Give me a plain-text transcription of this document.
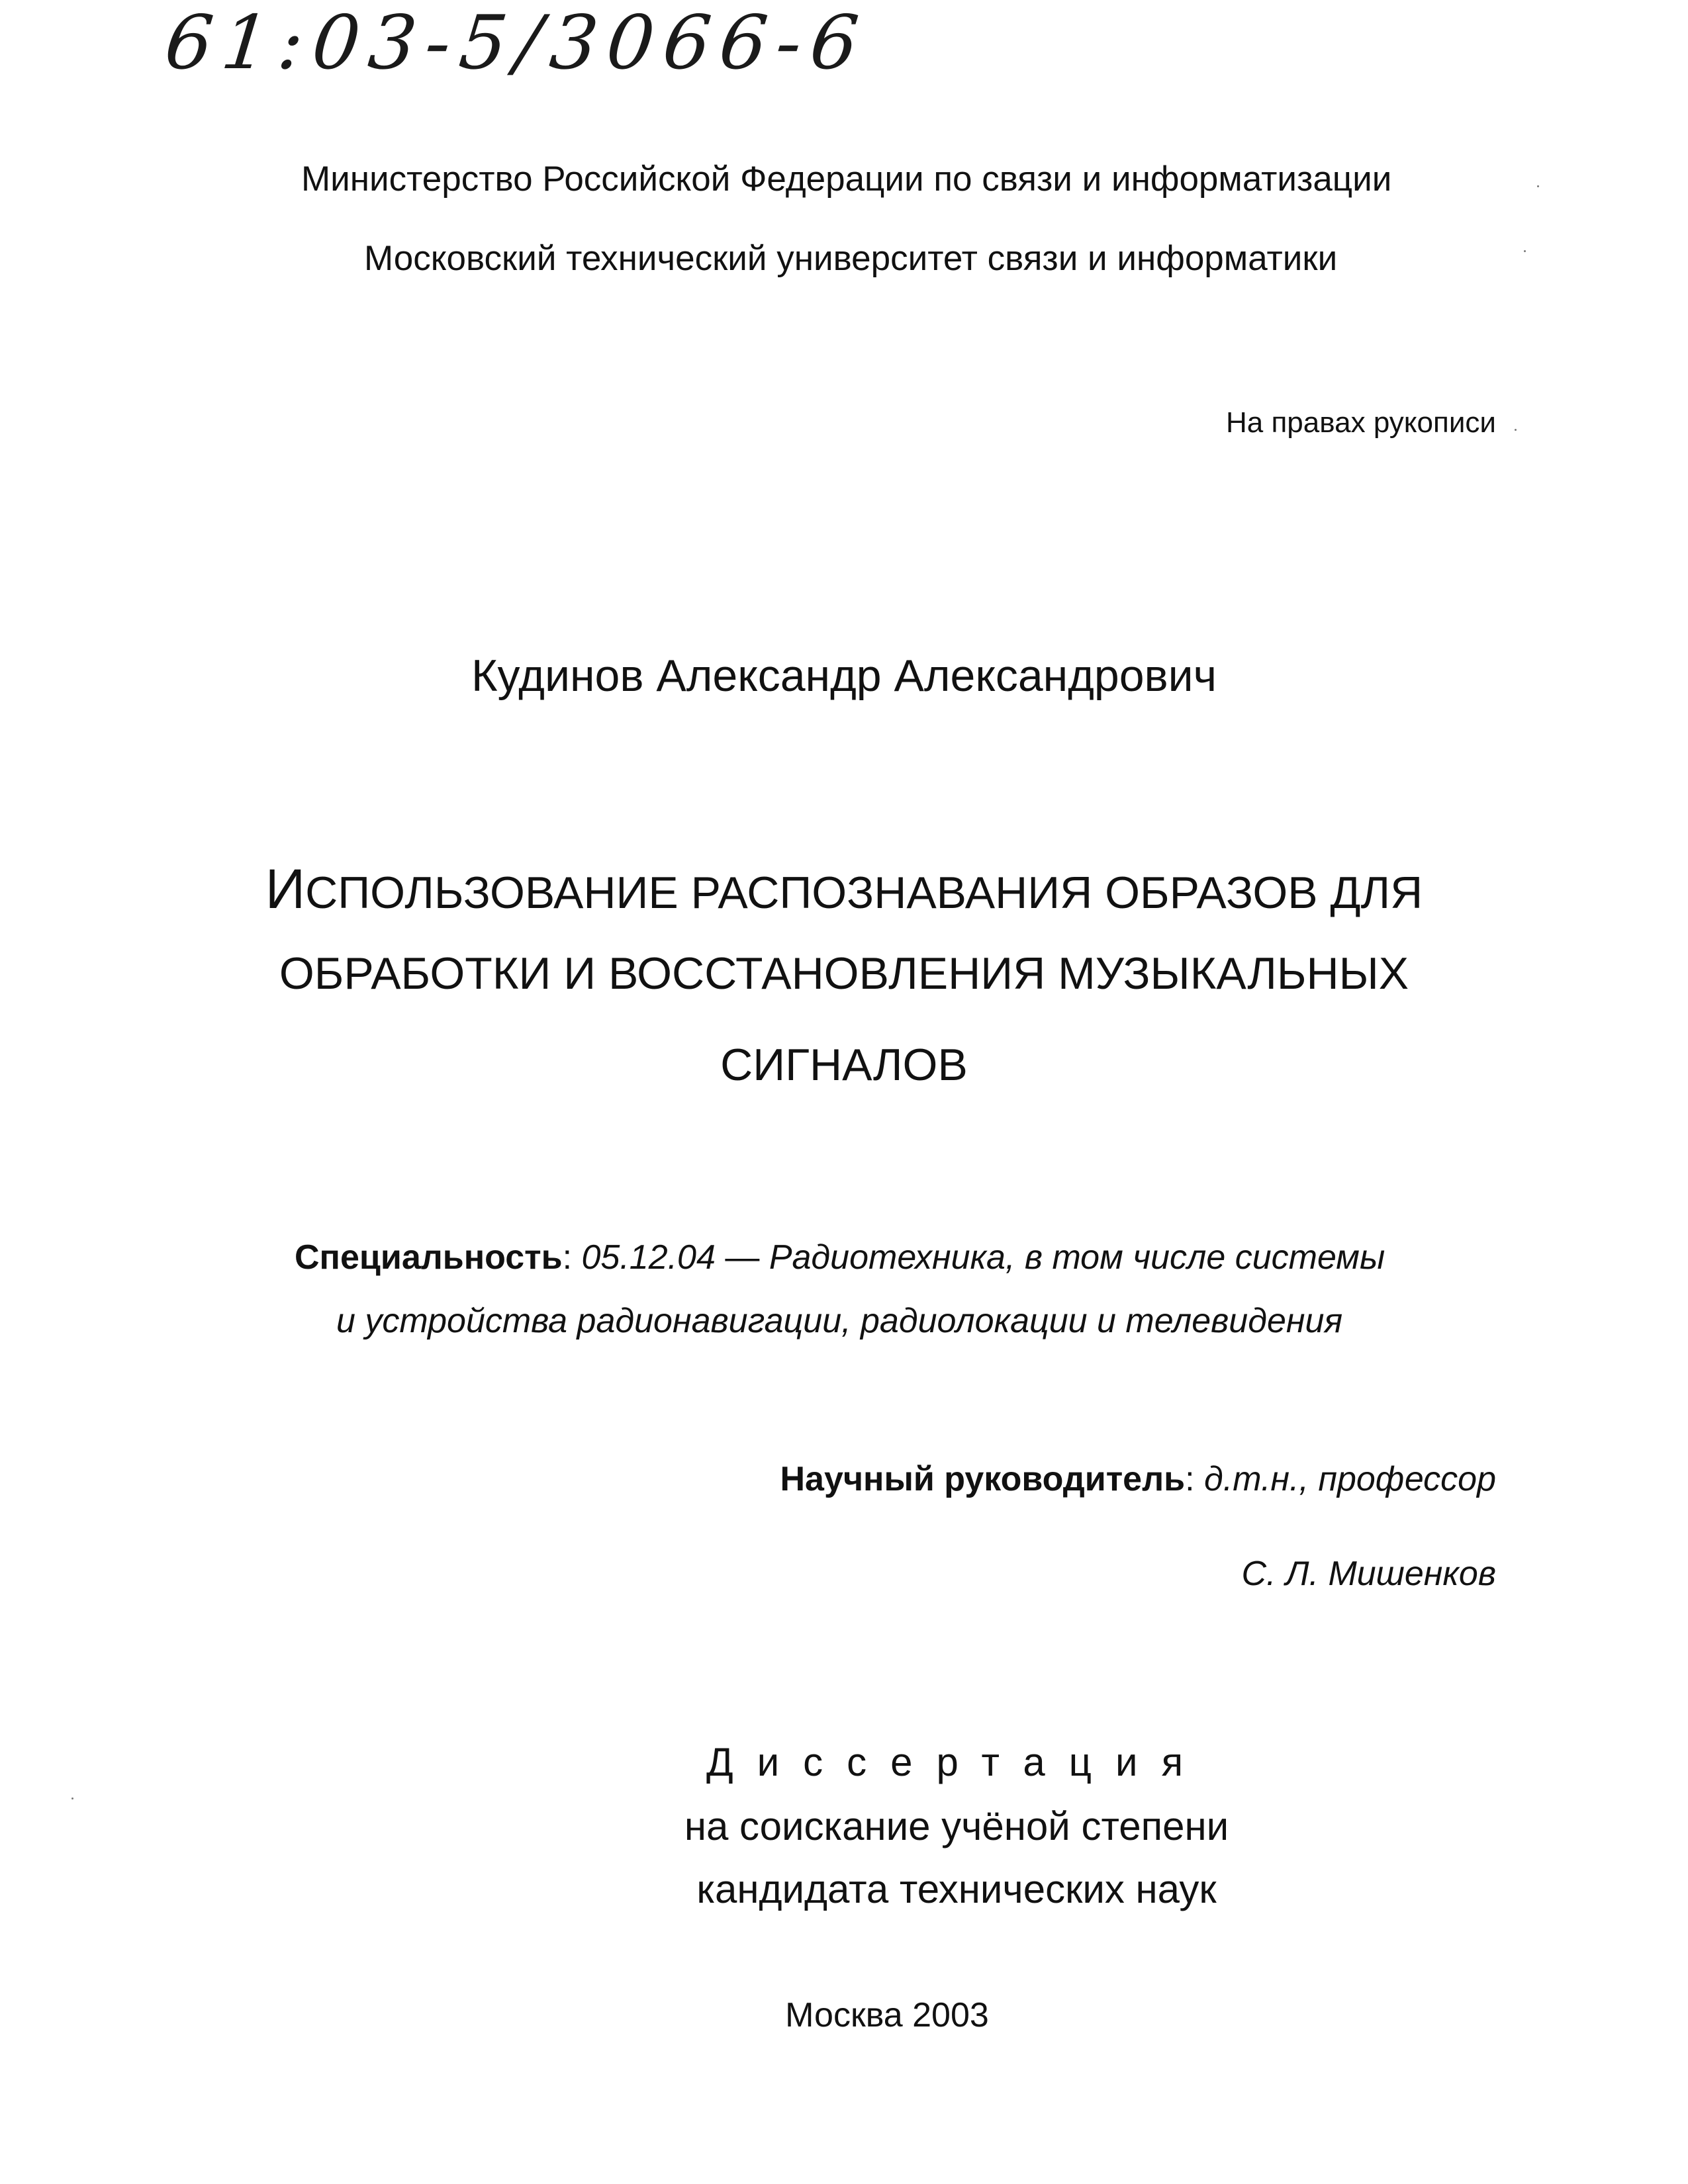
61:03-5/3066-6
Министерство Российской Федерации по связи и информатизации
Московский технический университет связи и информатики
На правах рукописи
Кудинов Александр Александрович
ИСПОЛЬЗОВАНИЕ РАСПОЗНАВАНИЯ ОБРАЗОВ ДЛЯ
ОБРАБОТКИ И ВОССТАНОВЛЕНИЯ МУЗЫКАЛЬНЫХ
СИГНАЛОВ
Специальность: 05.12.04 — Радиотехника, в том числе системы
и устройства радионавигации, радиолокации и телевидения
Научный руководитель: д.т.н., профессор
С. Л. Мишенков
Диссертация
на соискание учёной степени
кандидата технических наук
Москва 2003
